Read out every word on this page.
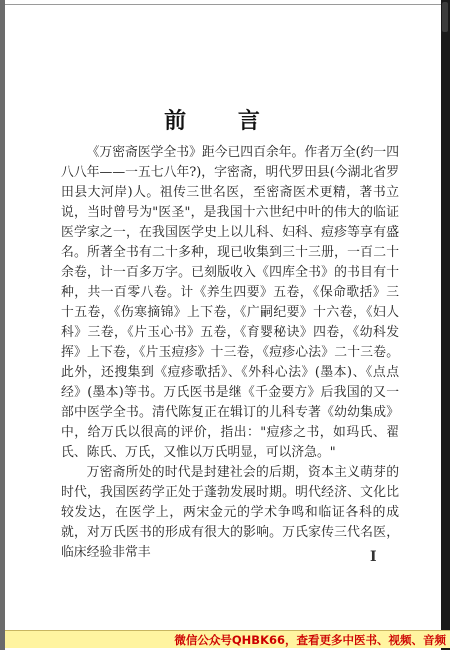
前 言

《万密斋医学全书》距今已四百余年。作者万全(约一四八八年——一五七八年?)，字密斋，明代罗田县(今湖北省罗田县大河岸)人。祖传三世名医，至密斋医术更精，著书立说，当时曾号为"医圣"，是我国十六世纪中叶的伟大的临证医学家之一，在我国医学史上以儿科、妇科、痘疹等享有盛名。所著全书有二十多种，现已收集到三十三册，一百二十余卷，计一百多万字。已刻版收入《四库全书》的书目有十种，共一百零八卷。计《养生四要》五卷，《保命歌括》三十五卷，《伤寒摘锦》上下卷，《广嗣纪要》十六卷，《妇人科》三卷，《片玉心书》五卷，《育婴秘诀》四卷，《幼科发挥》上下卷，《片玉痘疹》十三卷，《痘疹心法》二十三卷。此外，还搜集到《痘疹歌括》、《外科心法》(墨本)、《点点经》(墨本)等书。万氏医书是继《千金要方》后我国的又一部中医学全书。清代陈复正在辑订的儿科专著《幼幼集成》中，给万氏以很高的评价，指出："痘疹之书，如玛氏、翟氏、陈氏、万氏，又惟以万氏明显，可以济急。"

万密斋所处的时代是封建社会的后期，资本主义萌芽的时代，我国医药学正处于蓬勃发展时期。明代经济、文化比较发达，在医学上，两宋金元的学术争鸣和临证各科的成就，对万氏医书的形成有很大的影响。万氏家传三代名医，临床经验非常丰	I
微信公众号QHBK66，查看更多中医书、视频、音频
